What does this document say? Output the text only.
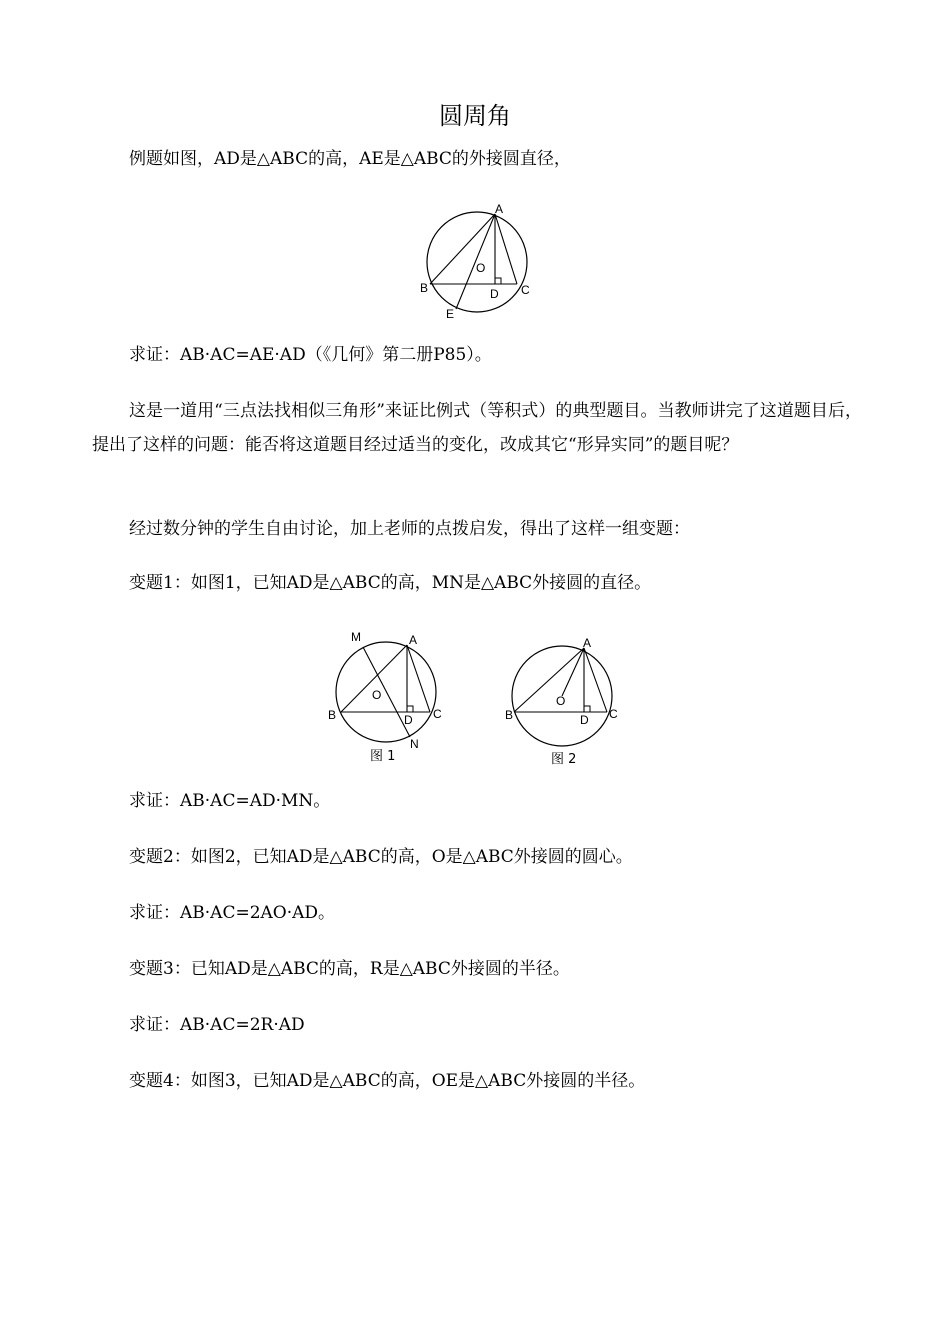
圆周角

例题如图，AD是△ABC的高，AE是△ABC的外接圆直径，

A
B	C
D
E
O

求证：AB·AC=AE·AD（《几何》第二册P85）。

这是一道用“三点法找相似三角形”来证比例式（等积式）的典型题目。当教师讲完了这道题目后，提出了这样的问题：能否将这道题目经过适当的变化，改成其它“形异实同”的题目呢？

经过数分钟的学生自由讨论，加上老师的点拨启发，得出了这样一组变题：

变题1：如图1，已知AD是△ABC的高，MN是△ABC外接圆的直径。

M	A
B	C
D
N
O
图 1
A
B	C
D
O
图 2

求证：AB·AC=AD·MN。

变题2：如图2，已知AD是△ABC的高，O是△ABC外接圆的圆心。

求证：AB·AC=2AO·AD。

变题3：已知AD是△ABC的高，R是△ABC外接圆的半径。

求证：AB·AC=2R·AD

变题4：如图3，已知AD是△ABC的高，OE是△ABC外接圆的半径。
